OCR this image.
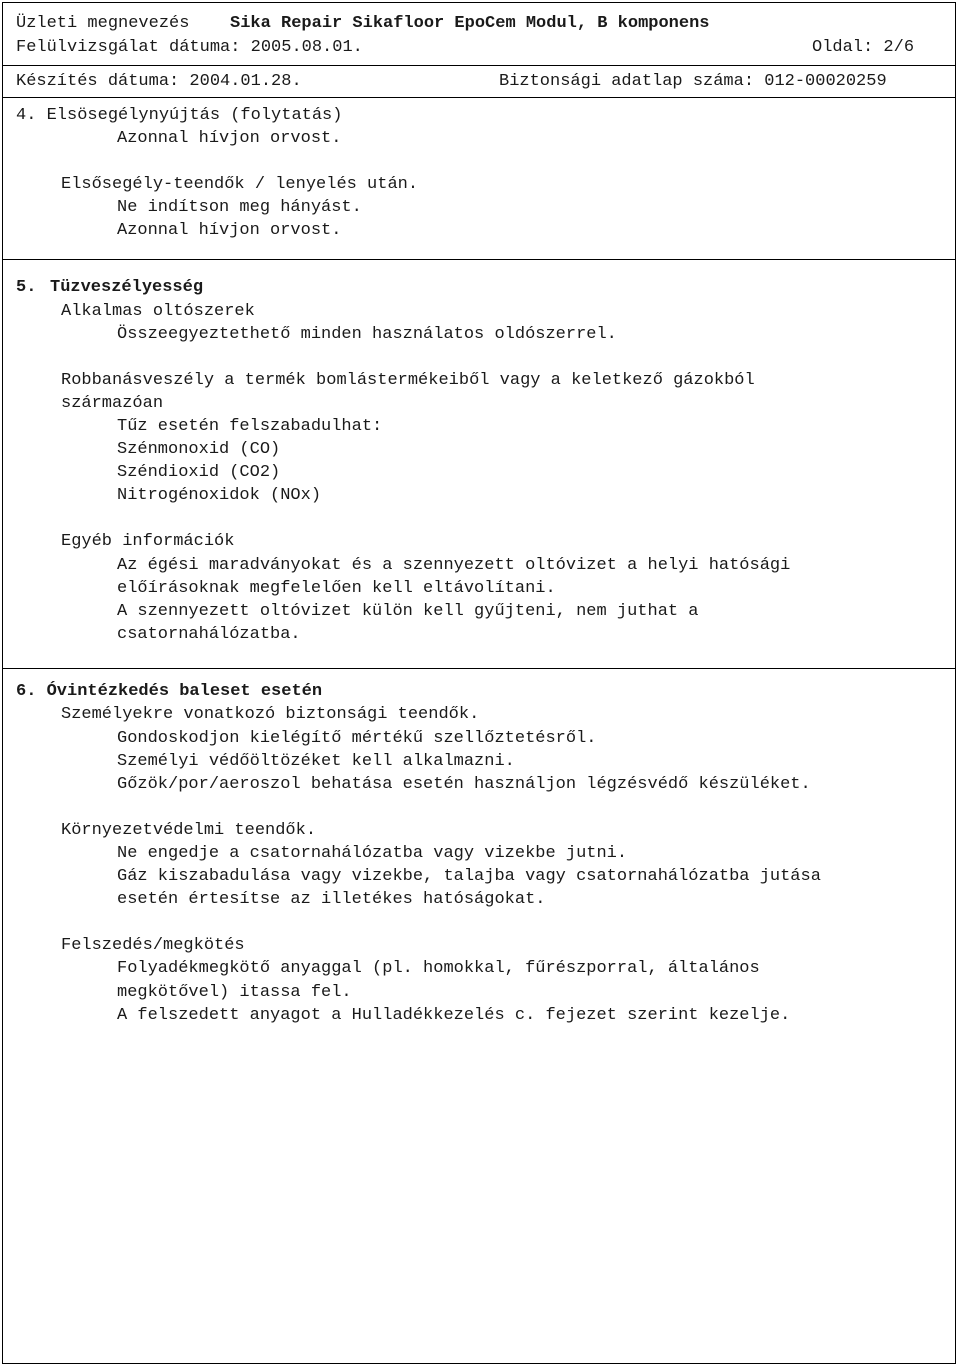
Üzleti megnevezés Sika Repair Sikafloor EpoCem Modul, B komponens
Felülvizsgálat dátuma: 2005.08.01.	Oldal: 2/6
Készítés dátuma: 2004.01.28.	Biztonsági adatlap száma: 012-00020259
4. Elsösegélynyújtás (folytatás)
Azonnal hívjon orvost.
Elsősegély-teendők / lenyelés után.
Ne indítson meg hányást.
Azonnal hívjon orvost.
5. Tüzveszélyesség
Alkalmas oltószerek
Összeegyeztethető minden használatos oldószerrel.
Robbanásveszély a termék bomlástermékeiből vagy a keletkező gázokból
származóan
Tűz esetén felszabadulhat:
Szénmonoxid (CO)
Széndioxid (CO2)
Nitrogénoxidok (NOx)
Egyéb információk
Az égési maradványokat és a szennyezett oltóvizet a helyi hatósági
előírásoknak megfelelően kell eltávolítani.
A szennyezett oltóvizet külön kell gyűjteni, nem juthat a
csatornahálózatba.
6. Óvintézkedés baleset esetén
Személyekre vonatkozó biztonsági teendők.
Gondoskodjon kielégítő mértékű szellőztetésről.
Személyi védőöltözéket kell alkalmazni.
Gőzök/por/aeroszol behatása esetén használjon légzésvédő készüléket.
Környezetvédelmi teendők.
Ne engedje a csatornahálózatba vagy vizekbe jutni.
Gáz kiszabadulása vagy vizekbe, talajba vagy csatornahálózatba jutása
esetén értesítse az illetékes hatóságokat.
Felszedés/megkötés
Folyadékmegkötő anyaggal (pl. homokkal, fűrészporral, általános
megkötővel) itassa fel.
A felszedett anyagot a Hulladékkezelés c. fejezet szerint kezelje.
